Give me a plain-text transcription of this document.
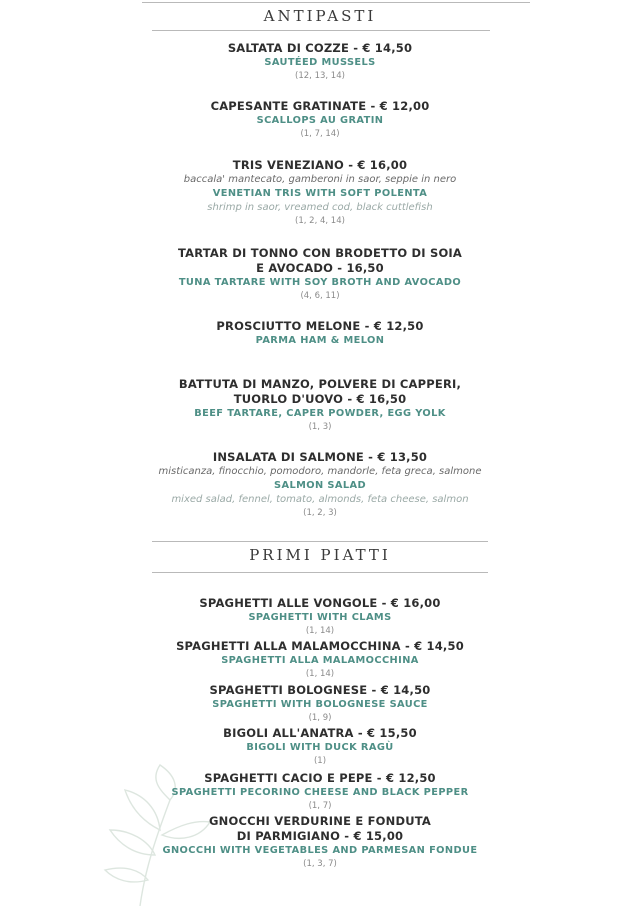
ANTIPASTI
SALTATA DI COZZE - € 14,50
SAUTÉED MUSSELS
(12, 13, 14)
CAPESANTE GRATINATE - € 12,00
SCALLOPS AU GRATIN
(1, 7, 14)
TRIS VENEZIANO - € 16,00
baccala' mantecato, gamberoni in saor, seppie in nero
VENETIAN TRIS WITH SOFT POLENTA
shrimp in saor, vreamed cod, black cuttlefish
(1, 2, 4, 14)
TARTAR DI TONNO CON BRODETTO DI SOIA
E AVOCADO - 16,50
TUNA TARTARE WITH SOY BROTH AND AVOCADO
(4, 6, 11)
PROSCIUTTO MELONE - € 12,50
PARMA HAM & MELON
BATTUTA DI MANZO, POLVERE DI CAPPERI,
TUORLO D'UOVO - € 16,50
BEEF TARTARE, CAPER POWDER, EGG YOLK
(1, 3)
INSALATA DI SALMONE - € 13,50
misticanza, finocchio, pomodoro, mandorle, feta greca, salmone
SALMON SALAD
mixed salad, fennel, tomato, almonds, feta cheese, salmon
(1, 2, 3)
PRIMI PIATTI
SPAGHETTI ALLE VONGOLE - € 16,00
SPAGHETTI WITH CLAMS
(1, 14)
SPAGHETTI ALLA MALAMOCCHINA - € 14,50
SPAGHETTI ALLA MALAMOCCHINA
(1, 14)
SPAGHETTI BOLOGNESE - € 14,50
SPAGHETTI WITH BOLOGNESE SAUCE
(1, 9)
BIGOLI ALL'ANATRA - € 15,50
BIGOLI WITH DUCK RAGÙ
(1)
SPAGHETTI CACIO E PEPE - € 12,50
SPAGHETTI PECORINO CHEESE AND BLACK PEPPER
(1, 7)
GNOCCHI VERDURINE E FONDUTA
DI PARMIGIANO - € 15,00
GNOCCHI WITH VEGETABLES AND PARMESAN FONDUE
(1, 3, 7)
